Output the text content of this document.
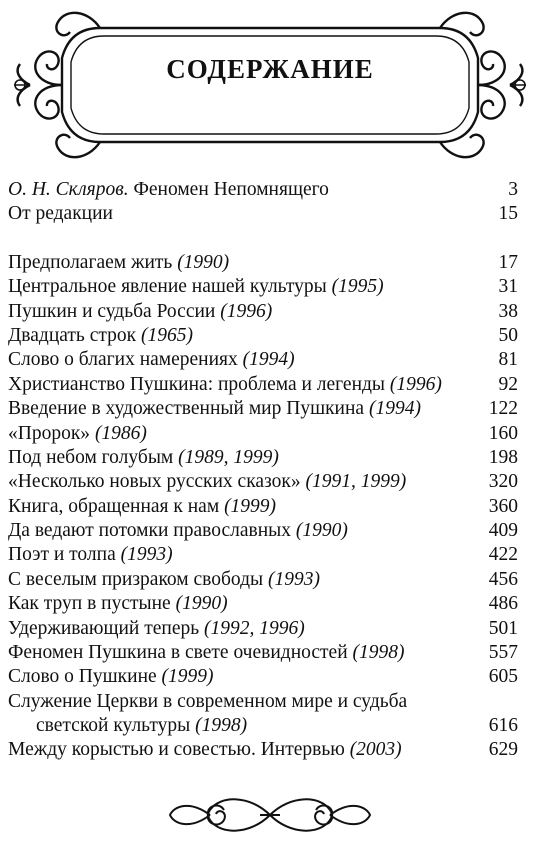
СОДЕРЖАНИЕ
О. Н. Скляров. Феномен Непомнящего	3
От редакции	15
Предполагаем жить (1990)	17
Центральное явление нашей культуры (1995)	31
Пушкин и судьба России (1996)	38
Двадцать строк (1965)	50
Слово о благих намерениях (1994)	81
Христианство Пушкина: проблема и легенды (1996)	92
Введение в художественный мир Пушкина (1994)	122
«Пророк» (1986)	160
Под небом голубым (1989, 1999)	198
«Несколько новых русских сказок» (1991, 1999)	320
Книга, обращенная к нам (1999)	360
Да ведают потомки православных (1990)	409
Поэт и толпа (1993)	422
С веселым призраком свободы (1993)	456
Как труп в пустыне (1990)	486
Удерживающий теперь (1992, 1996)	501
Феномен Пушкина в свете очевидностей (1998)	557
Слово о Пушкине (1999)	605
Служение Церкви в современном мире и судьба
светской культуры (1998)	616
Между корыстью и совестью. Интервью (2003)	629
